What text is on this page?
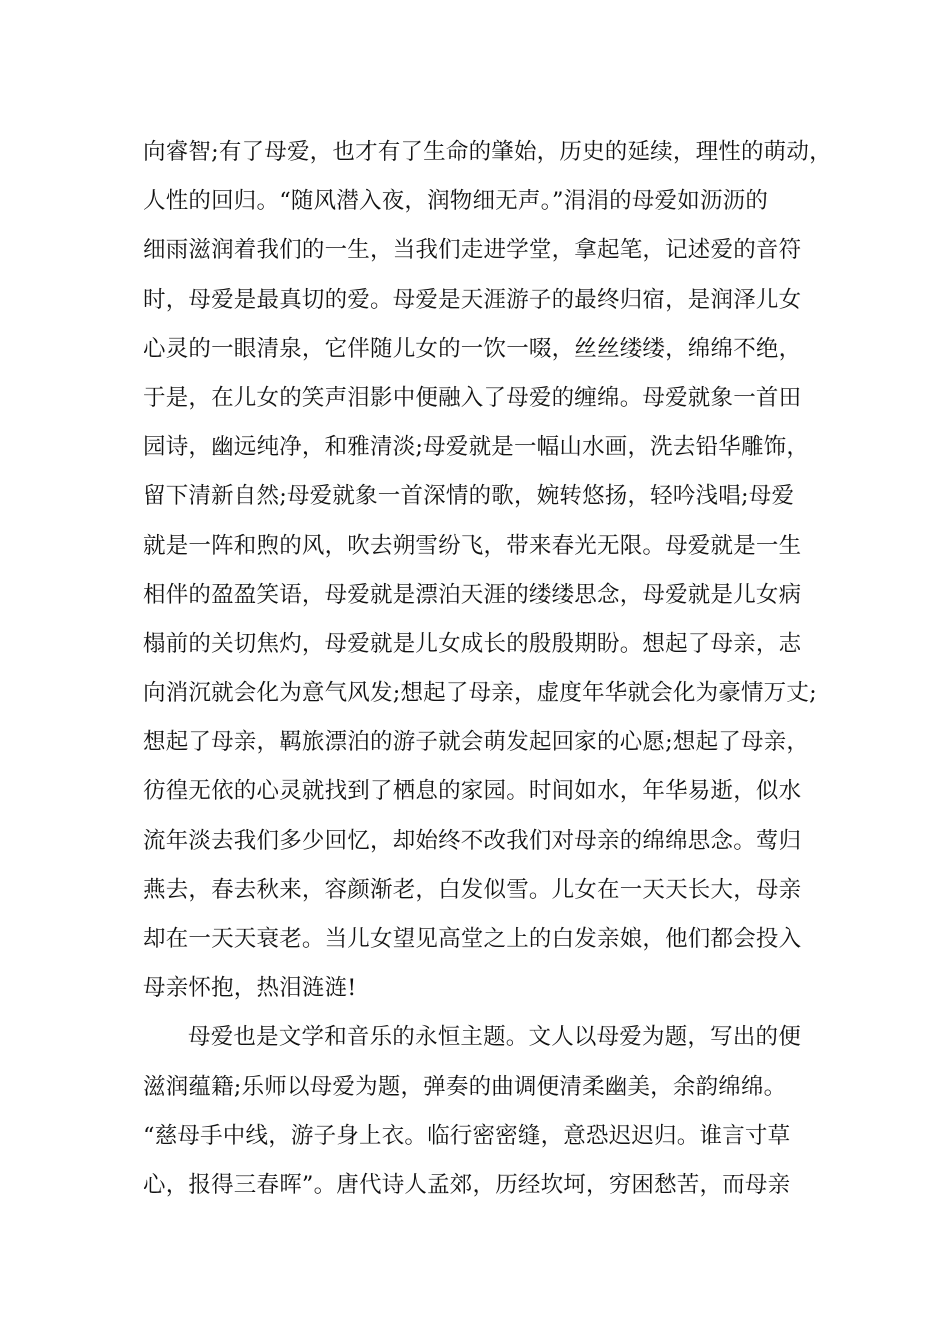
向睿智;有了母爱，也才有了生命的肇始，历史的延续，理性的萌动，
人性的回归。“随风潜入夜，润物细无声。”涓涓的母爱如沥沥的
细雨滋润着我们的一生，当我们走进学堂，拿起笔，记述爱的音符
时，母爱是最真切的爱。母爱是天涯游子的最终归宿，是润泽儿女
心灵的一眼清泉，它伴随儿女的一饮一啜，丝丝缕缕，绵绵不绝，
于是，在儿女的笑声泪影中便融入了母爱的缠绵。母爱就象一首田
园诗，幽远纯净，和雅清淡;母爱就是一幅山水画，洗去铅华雕饰，
留下清新自然;母爱就象一首深情的歌，婉转悠扬，轻吟浅唱;母爱
就是一阵和煦的风，吹去朔雪纷飞，带来春光无限。母爱就是一生
相伴的盈盈笑语，母爱就是漂泊天涯的缕缕思念，母爱就是儿女病
榻前的关切焦灼，母爱就是儿女成长的殷殷期盼。想起了母亲，志
向消沉就会化为意气风发;想起了母亲，虚度年华就会化为豪情万丈;
想起了母亲，羁旅漂泊的游子就会萌发起回家的心愿;想起了母亲，
彷徨无依的心灵就找到了栖息的家园。时间如水，年华易逝，似水
流年淡去我们多少回忆，却始终不改我们对母亲的绵绵思念。莺归
燕去，春去秋来，容颜渐老，白发似雪。儿女在一天天长大，母亲
却在一天天衰老。当儿女望见高堂之上的白发亲娘，他们都会投入
母亲怀抱，热泪涟涟!
母爱也是文学和音乐的永恒主题。文人以母爱为题，写出的便
滋润蕴籍;乐师以母爱为题，弹奏的曲调便清柔幽美，余韵绵绵。
“慈母手中线，游子身上衣。临行密密缝，意恐迟迟归。谁言寸草
心，报得三春晖”。唐代诗人孟郊，历经坎坷，穷困愁苦，而母亲
